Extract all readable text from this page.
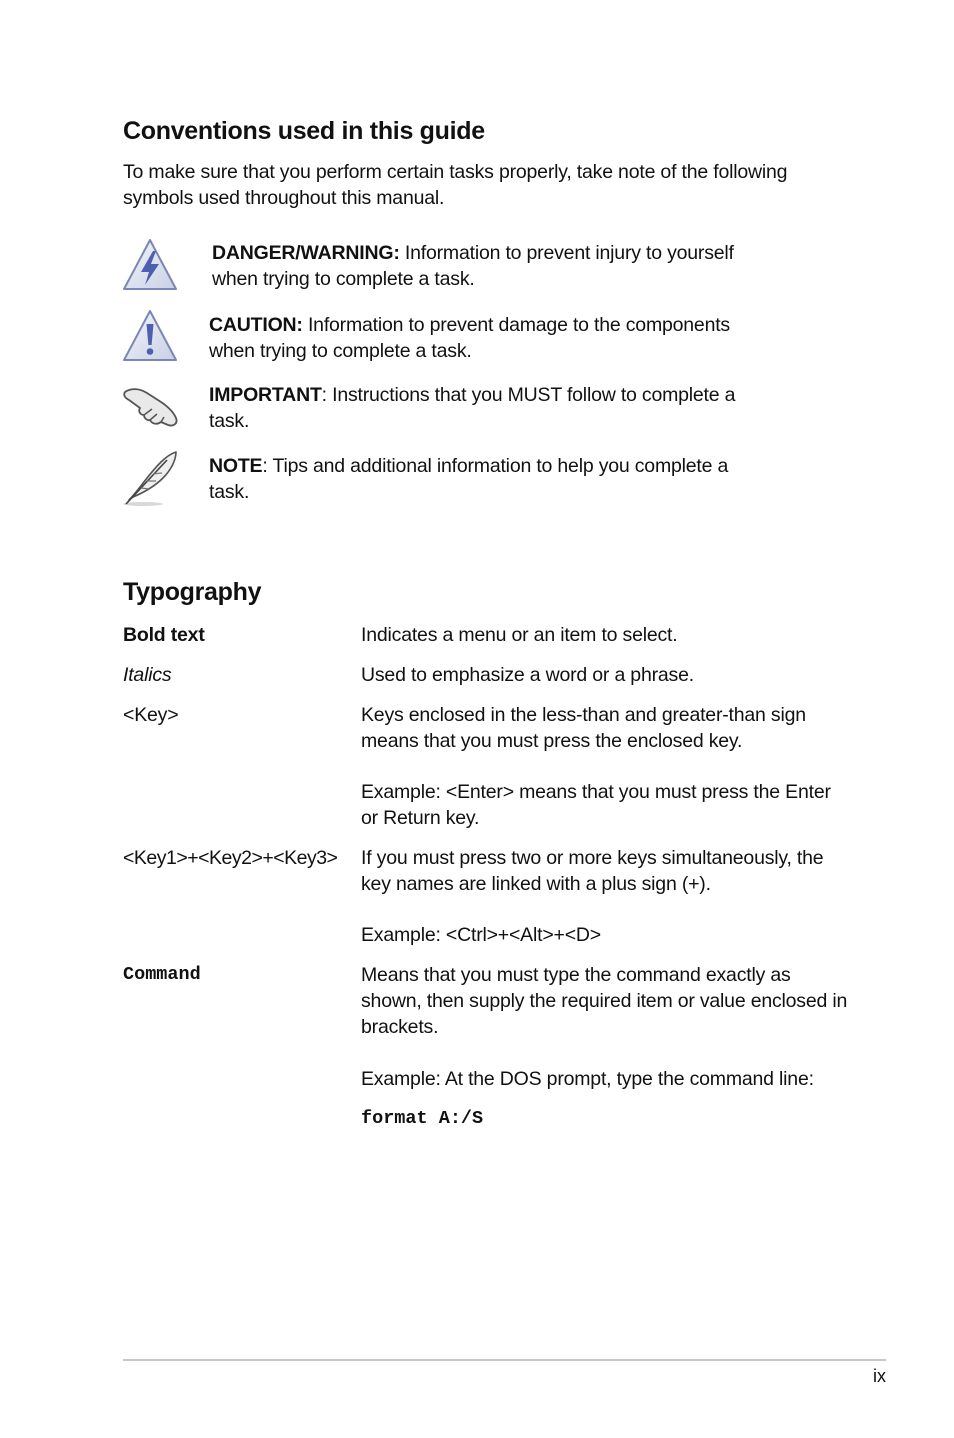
Conventions used in this guide
To make sure that you perform certain tasks properly, take note of the following symbols used throughout this manual.
DANGER/WARNING: Information to prevent injury to yourself when trying to complete a task.
CAUTION: Information to prevent damage to the components when trying to complete a task.
IMPORTANT: Instructions that you MUST follow to complete a task.
NOTE: Tips and additional information to help you complete a task.
Typography
Bold text	Indicates a menu or an item to select.
Italics	Used to emphasize a word or a phrase.
<Key>	Keys enclosed in the less-than and greater-than sign means that you must press the enclosed key.
Example: <Enter> means that you must press the Enter or Return key.
<Key1>+<Key2>+<Key3>	If you must press two or more keys simultaneously, the key names are linked with a plus sign (+).
Example: <Ctrl>+<Alt>+<D>
Command	Means that you must type the command exactly as shown, then supply the required item or value enclosed in brackets.
Example: At the DOS prompt, type the command line:
format A:/S
ix
